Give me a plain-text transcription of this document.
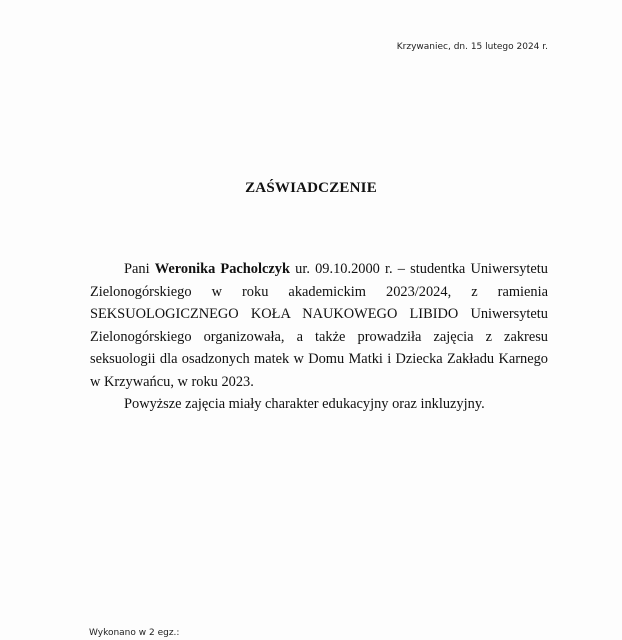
Krzywaniec, dn. 15 lutego 2024 r.
ZAŚWIADCZENIE

Pani Weronika Pacholczyk ur. 09.10.2000 r. – studentka Uniwersytetu Zielonogórskiego w roku akademickim 2023/2024, z ramienia SEKSUOLOGICZNEGO KOŁA NAUKOWEGO LIBIDO Uniwersytetu Zielonogórskiego organizowała, a także prowadziła zajęcia z zakresu seksuologii dla osadzonych matek w Domu Matki i Dziecka Zakładu Karnego w Krzywańcu, w roku 2023.

Powyższe zajęcia miały charakter edukacyjny oraz inkluzyjny.

Wykonano w 2 egz.:
